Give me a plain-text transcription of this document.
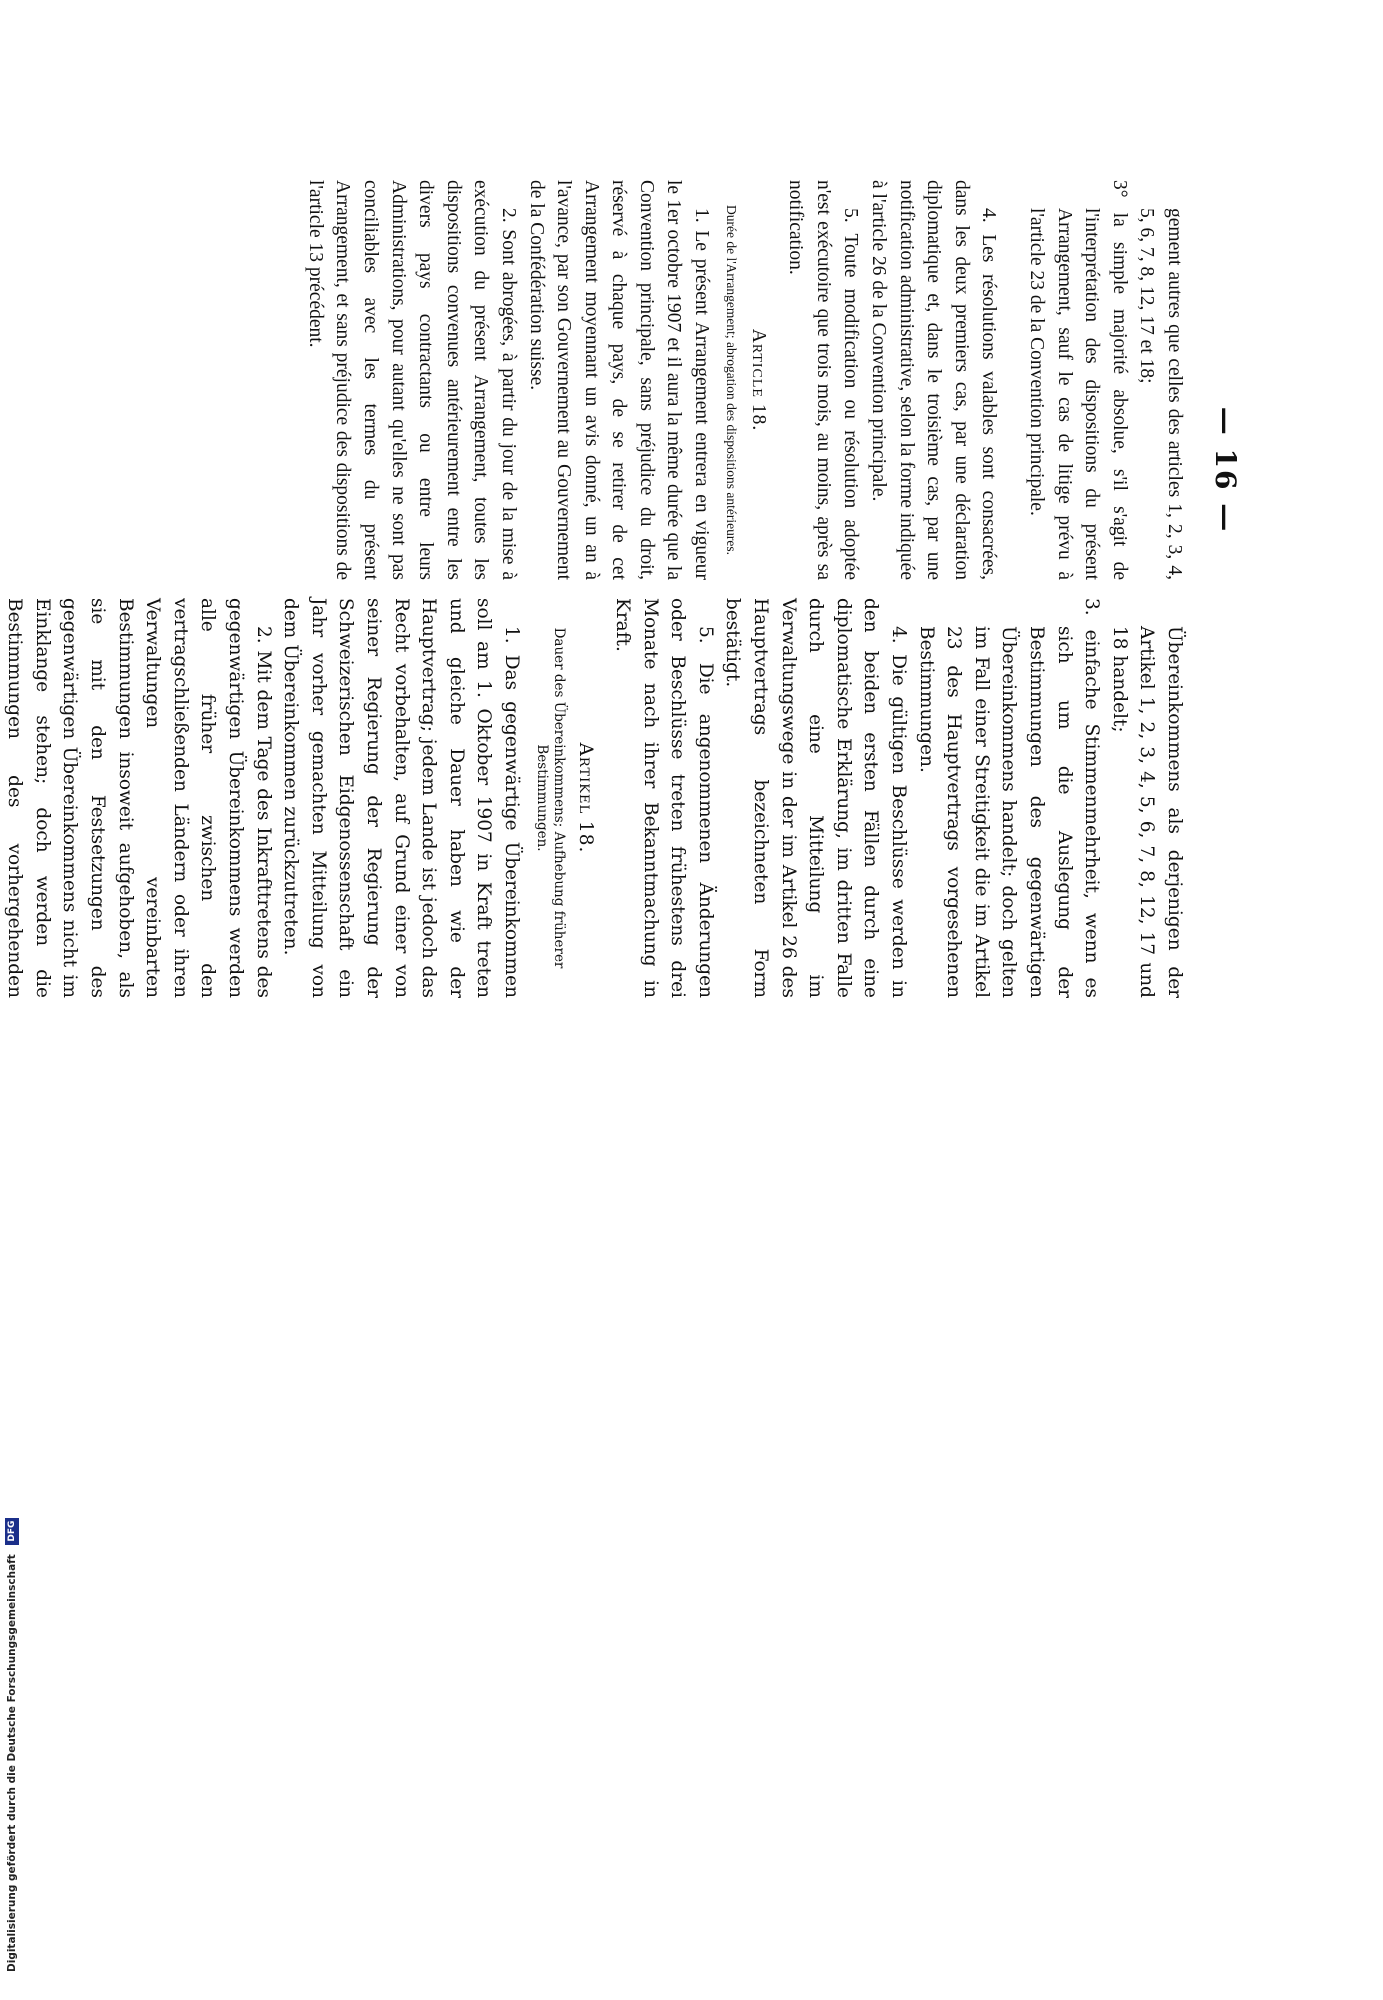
— 16 —

gement autres que celles des articles 1, 2, 3, 4, 5, 6, 7, 8, 12, 17 et 18;

3° la simple majorité absolue, s'il s'agit de l'interprétation des dispositions du présent Arrangement, sauf le cas de litige prévu à l'article 23 de la Convention principale.

4. Les résolutions valables sont consacrées, dans les deux premiers cas, par une déclaration diplomatique et, dans le troisième cas, par une notification administrative, selon la forme indiquée à l'article 26 de la Convention principale.

5. Toute modification ou résolution adoptée n'est exécutoire que trois mois, au moins, après sa notification.

Article 18.
Durée de l'Arrangement; abrogation des dispositions antérieures.

1. Le présent Arrangement entrera en vigueur le 1er octobre 1907 et il aura la même durée que la Convention principale, sans préjudice du droit, réservé à chaque pays, de se retirer de cet Arrangement moyennant un avis donné, un an à l'avance, par son Gouvernement au Gouvernement de la Confédération suisse.

2. Sont abrogées, à partir du jour de la mise à exécution du présent Arrangement, toutes les dispositions convenues antérieurement entre les divers pays contractants ou entre leurs Administrations, pour autant qu'elles ne sont pas conciliables avec les termes du présent Arrangement, et sans préjudice des dispositions de l'article 13 précédent.

Übereinkommens als derjenigen der Artikel 1, 2, 3, 4, 5, 6, 7, 8, 12, 17 und 18 handelt;

3. einfache Stimmenmehrheit, wenn es sich um die Auslegung der Bestimmungen des gegenwärtigen Übereinkommens handelt; doch gelten im Fall einer Streitigkeit die im Artikel 23 des Hauptvertrags vorgesehenen Bestimmungen.

4. Die gültigen Beschlüsse werden in den beiden ersten Fällen durch eine diplomatische Erklärung, im dritten Falle durch eine Mitteilung im Verwaltungswege in der im Artikel 26 des Hauptvertrags bezeichneten Form bestätigt.

5. Die angenommenen Änderungen oder Beschlüsse treten frühestens drei Monate nach ihrer Bekanntmachung in Kraft.

Artikel 18.
Dauer des Übereinkommens; Aufhebung früherer Bestimmungen.

1. Das gegenwärtige Übereinkommen soll am 1. Oktober 1907 in Kraft treten und gleiche Dauer haben wie der Hauptvertrag; jedem Lande ist jedoch das Recht vorbehalten, auf Grund einer von seiner Regierung der Regierung der Schweizerischen Eidgenossenschaft ein Jahr vorher gemachten Mitteilung von dem Übereinkommen zurückzutreten.

2. Mit dem Tage des Inkrafttretens des gegenwärtigen Übereinkommens werden alle früher zwischen den vertragschließenden Ländern oder ihren Verwaltungen vereinbarten Bestimmungen insoweit aufgehoben, als sie mit den Festsetzungen des gegenwärtigen Übereinkommens nicht im Einklange stehen; doch werden die Bestimmungen des vorhergehenden

Digitalisierung gefördert durch die Deutsche Forschungsgemeinschaft DFG
